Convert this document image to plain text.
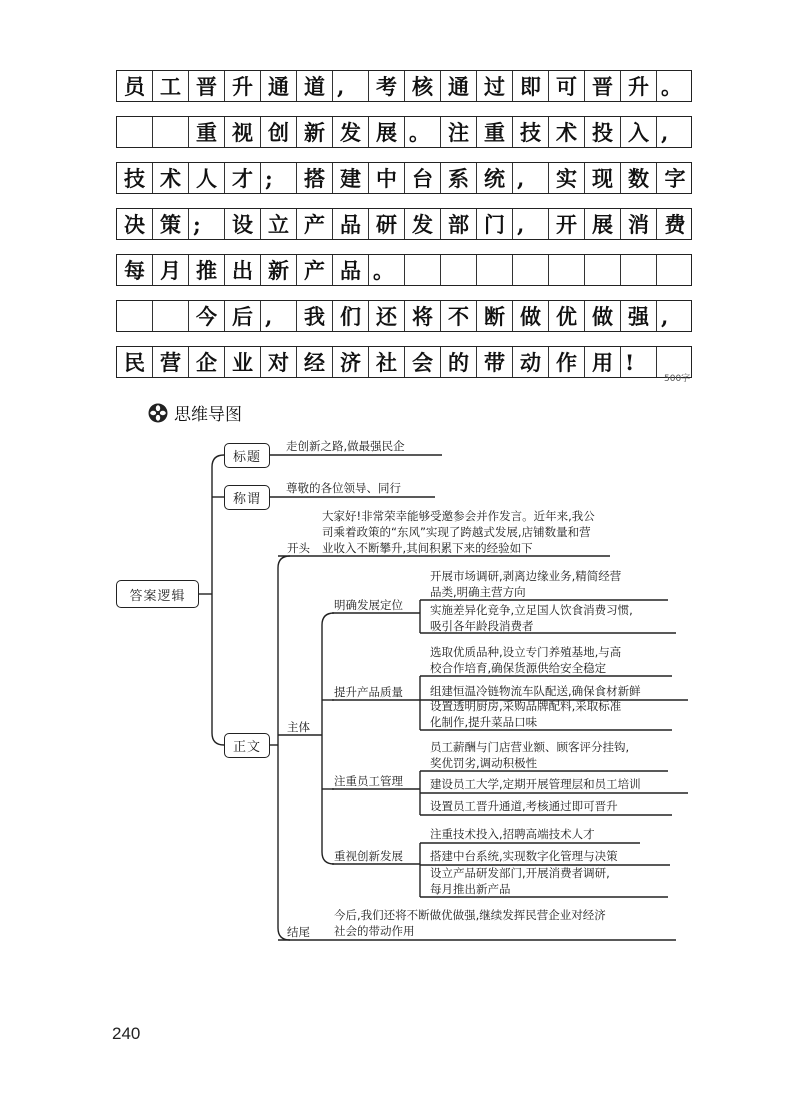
员 工 晋 升 通 道 ,	考 核 通 过 即 可 晋 升 。
重 视 创 新 发 展 。 注 重 技 术 投 入 ,
技 术 人 才 ;	搭 建 中 台 系 统 ,	实 现 数 字
决 策 ;	设 立 产 品 研 发 部 门 ,	开 展 消 费
每 月 推 出 新 产 品 。
今 后 ,	我 们 还 将 不 断 做 优 做 强 ,
民 营 企 业 对 经 济 社 会 的 带 动 作 用 !
500字
思维导图
答案逻辑
标题
走创新之路,做最强民企
称谓
尊敬的各位领导、同行
正文
开头
大家好!非常荣幸能够受邀参会并作发言。近年来,我公
司乘着政策的“东风”实现了跨越式发展,店铺数量和营
业收入不断攀升,其间积累下来的经验如下
主体
明确发展定位
提升产品质量
注重员工管理
重视创新发展
开展市场调研,剥离边缘业务,精简经营
品类,明确主营方向
实施差异化竞争,立足国人饮食消费习惯,
吸引各年龄段消费者
选取优质品种,设立专门养殖基地,与高
校合作培育,确保货源供给安全稳定
组建恒温冷链物流车队配送,确保食材新鲜
设置透明厨房,采购品牌配料,采取标准
化制作,提升菜品口味
员工薪酬与门店营业额、顾客评分挂钩,
奖优罚劣,调动积极性
建设员工大学,定期开展管理层和员工培训
设置员工晋升通道,考核通过即可晋升
注重技术投入,招聘高端技术人才
搭建中台系统,实现数字化管理与决策
设立产品研发部门,开展消费者调研,
每月推出新产品
结尾
今后,我们还将不断做优做强,继续发挥民营企业对经济
社会的带动作用
240
